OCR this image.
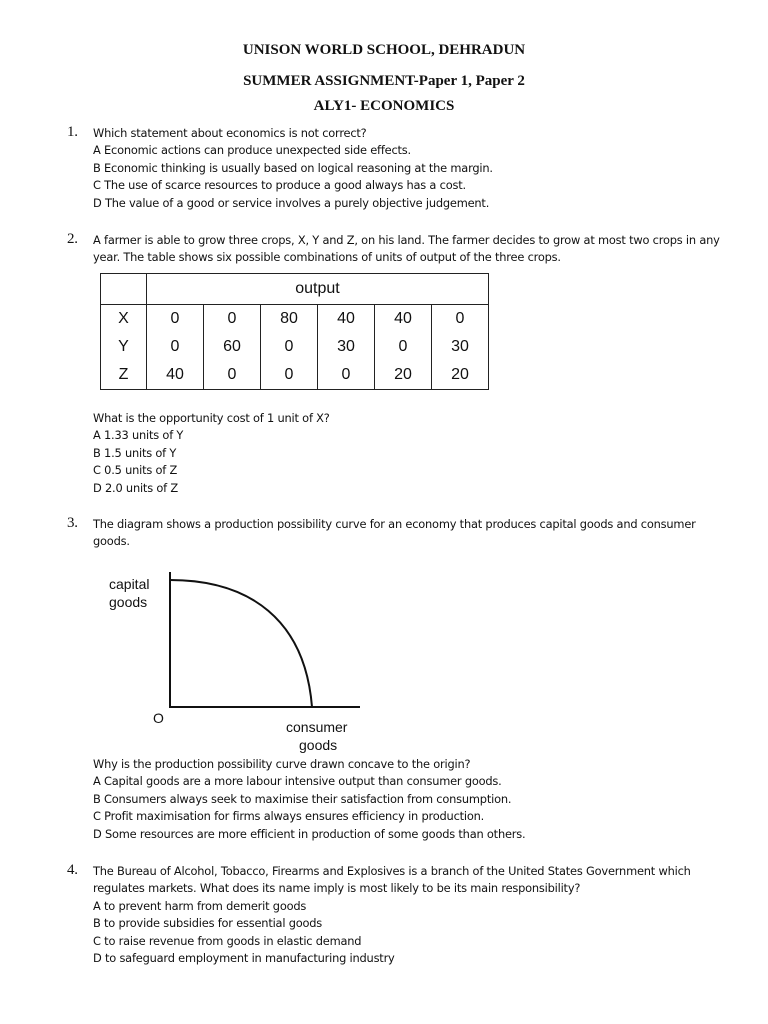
UNISON WORLD SCHOOL, DEHRADUN
SUMMER ASSIGNMENT-Paper 1, Paper 2
ALY1- ECONOMICS
1. Which statement about economics is not correct?
A Economic actions can produce unexpected side effects.
B Economic thinking is usually based on logical reasoning at the margin.
C The use of scarce resources to produce a good always has a cost.
D The value of a good or service involves a purely objective judgement.
2. A farmer is able to grow three crops, X, Y and Z, on his land. The farmer decides to grow at most two crops in any year. The table shows six possible combinations of units of output of the three crops.
	output					
X	0	0	80	40	40	0
Y	0	60	0	30	0	30
Z	40	0	0	0	20	20
What is the opportunity cost of 1 unit of X?
A 1.33 units of Y
B 1.5 units of Y
C 0.5 units of Z
D 2.0 units of Z
3. The diagram shows a production possibility curve for an economy that produces capital goods and consumer goods.
capital
goods
O
consumer
goods
Why is the production possibility curve drawn concave to the origin?
A Capital goods are a more labour intensive output than consumer goods.
B Consumers always seek to maximise their satisfaction from consumption.
C Profit maximisation for firms always ensures efficiency in production.
D Some resources are more efficient in production of some goods than others.
4. The Bureau of Alcohol, Tobacco, Firearms and Explosives is a branch of the United States Government which regulates markets. What does its name imply is most likely to be its main responsibility?
A to prevent harm from demerit goods
B to provide subsidies for essential goods
C to raise revenue from goods in elastic demand
D to safeguard employment in manufacturing industry
